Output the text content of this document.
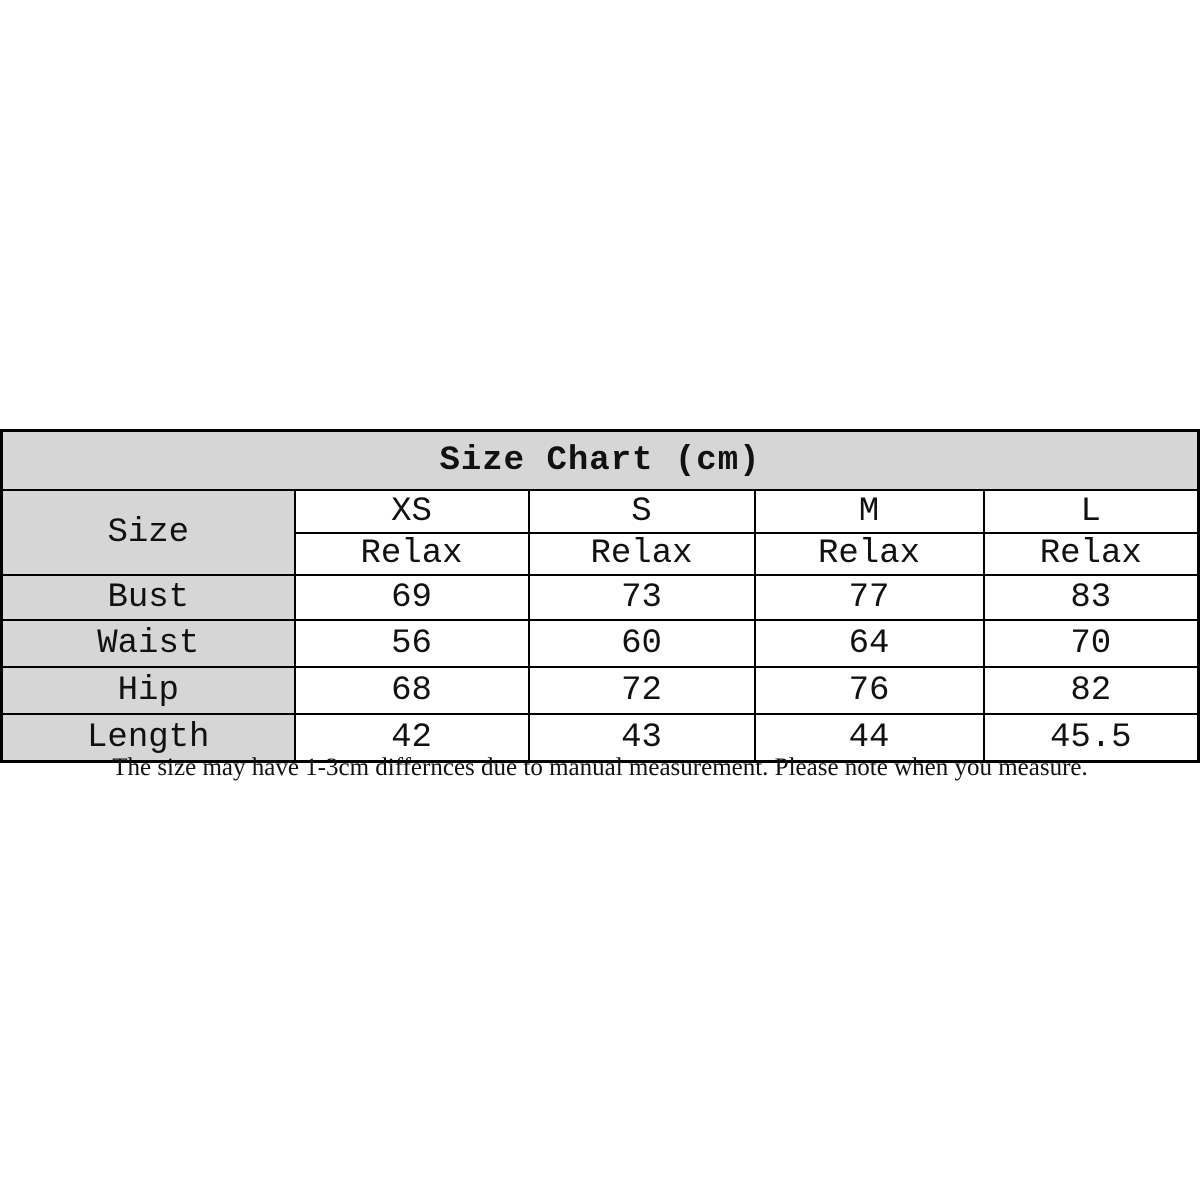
Size Chart (cm)				
Size	XS	S	M	L
	Relax	Relax	Relax	Relax
Bust	69	73	77	83
Waist	56	60	64	70
Hip	68	72	76	82
Length	42	43	44	45.5
The size may have 1-3cm differnces due to manual measurement. Please note when you measure.
